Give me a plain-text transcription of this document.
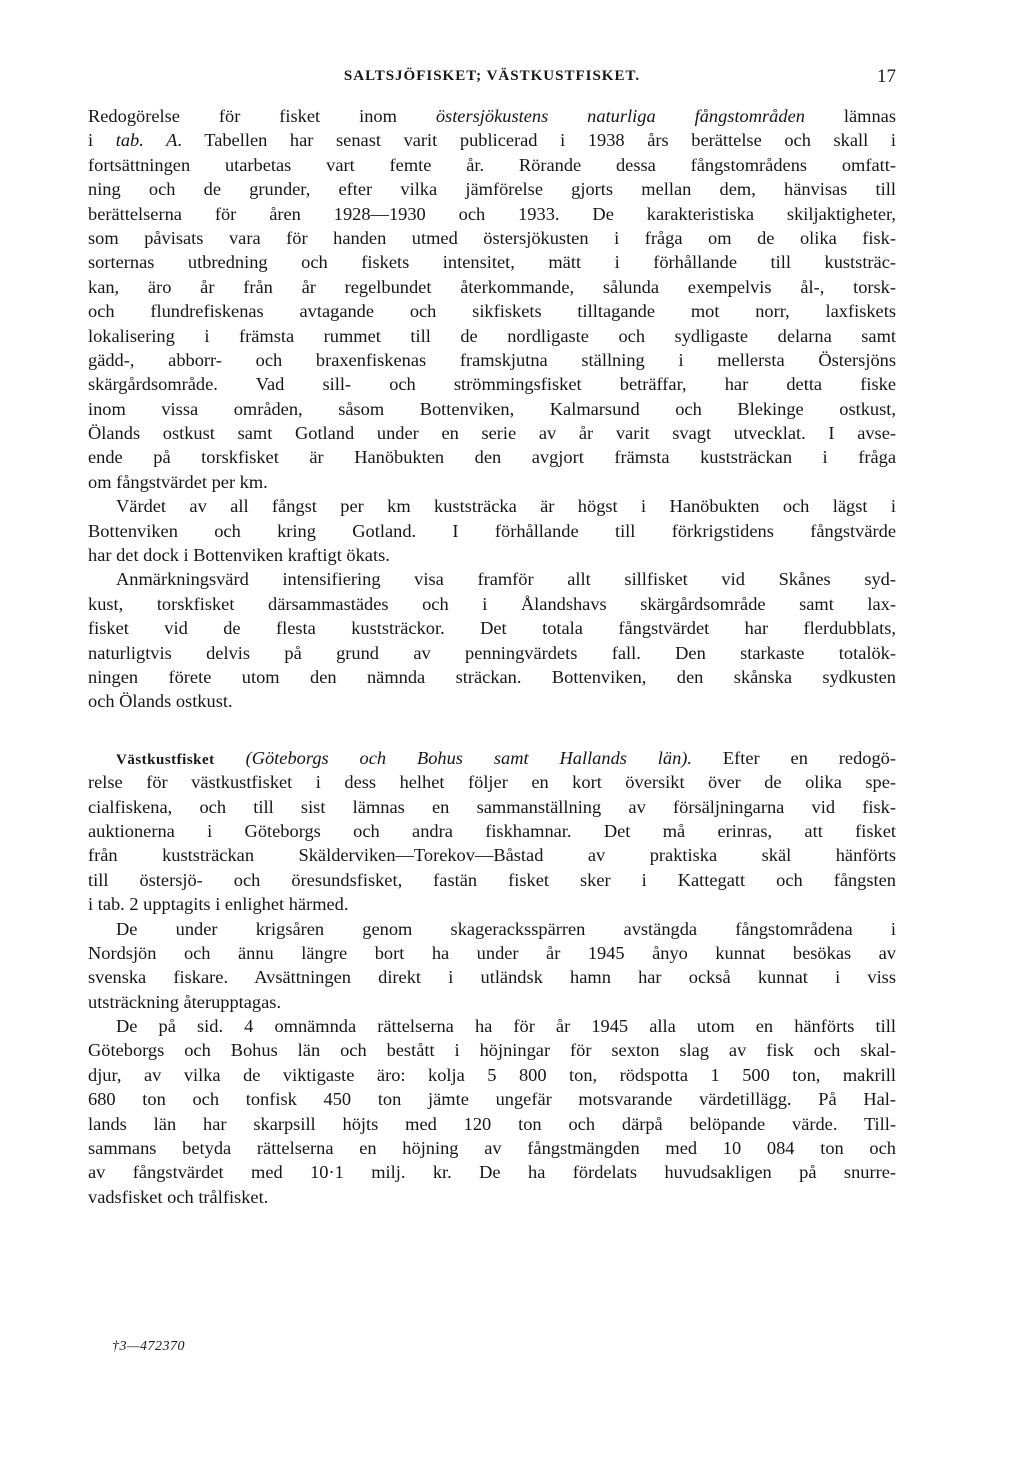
SALTSJÖFISKET; VÄSTKUSTFISKET.	17
Redogörelse för fisket inom östersjökustens naturliga fångstområden lämnas
i tab. A. Tabellen har senast varit publicerad i 1938 års berättelse och skall i
fortsättningen utarbetas vart femte år. Rörande dessa fångstområdens omfatt-
ning och de grunder, efter vilka jämförelse gjorts mellan dem, hänvisas till
berättelserna för åren 1928—1930 och 1933. De karakteristiska skiljaktigheter,
som påvisats vara för handen utmed östersjökusten i fråga om de olika fisk-
sorternas utbredning och fiskets intensitet, mätt i förhållande till kuststräc-
kan, äro år från år regelbundet återkommande, sålunda exempelvis ål-, torsk-
och flundrefiskenas avtagande och sikfiskets tilltagande mot norr, laxfiskets
lokalisering i främsta rummet till de nordligaste och sydligaste delarna samt
gädd-, abborr- och braxenfiskenas framskjutna ställning i mellersta Östersjöns
skärgårdsområde. Vad sill- och strömmingsfisket beträffar, har detta fiske
inom vissa områden, såsom Bottenviken, Kalmarsund och Blekinge ostkust,
Ölands ostkust samt Gotland under en serie av år varit svagt utvecklat. I avse-
ende på torskfisket är Hanöbukten den avgjort främsta kuststräckan i fråga
om fångstvärdet per km.
Värdet av all fångst per km kuststräcka är högst i Hanöbukten och lägst i
Bottenviken och kring Gotland. I förhållande till förkrigstidens fångstvärde
har det dock i Bottenviken kraftigt ökats.
Anmärkningsvärd intensifiering visa framför allt sillfisket vid Skånes syd-
kust, torskfisket därsammastädes och i Ålandshavs skärgårdsområde samt lax-
fisket vid de flesta kuststräckor. Det totala fångstvärdet har flerdubblats,
naturligtvis delvis på grund av penningvärdets fall. Den starkaste totalök-
ningen förete utom den nämnda sträckan. Bottenviken, den skånska sydkusten
och Ölands ostkust.
Västkustfisket (Göteborgs och Bohus samt Hallands län). Efter en redogö-
relse för västkustfisket i dess helhet följer en kort översikt över de olika spe-
cialfiskena, och till sist lämnas en sammanställning av försäljningarna vid fisk-
auktionerna i Göteborgs och andra fiskhamnar. Det må erinras, att fisket
från kuststräckan Skälderviken—Torekov—Båstad av praktiska skäl hänförts
till östersjö- och öresundsfisket, fastän fisket sker i Kattegatt och fångsten
i tab. 2 upptagits i enlighet härmed.
De under krigsåren genom skageracksspärren avstängda fångstområdena i
Nordsjön och ännu längre bort ha under år 1945 ånyo kunnat besökas av
svenska fiskare. Avsättningen direkt i utländsk hamn har också kunnat i viss
utsträckning återupptagas.
De på sid. 4 omnämnda rättelserna ha för år 1945 alla utom en hänförts till
Göteborgs och Bohus län och bestått i höjningar för sexton slag av fisk och skal-
djur, av vilka de viktigaste äro: kolja 5 800 ton, rödspotta 1 500 ton, makrill
680 ton och tonfisk 450 ton jämte ungefär motsvarande värdetillägg. På Hal-
lands län har skarpsill höjts med 120 ton och därpå belöpande värde. Till-
sammans betyda rättelserna en höjning av fångstmängden med 10 084 ton och
av fångstvärdet med 10·1 milj. kr. De ha fördelats huvudsakligen på snurre-
vadsfisket och trålfisket.
†3—472370
